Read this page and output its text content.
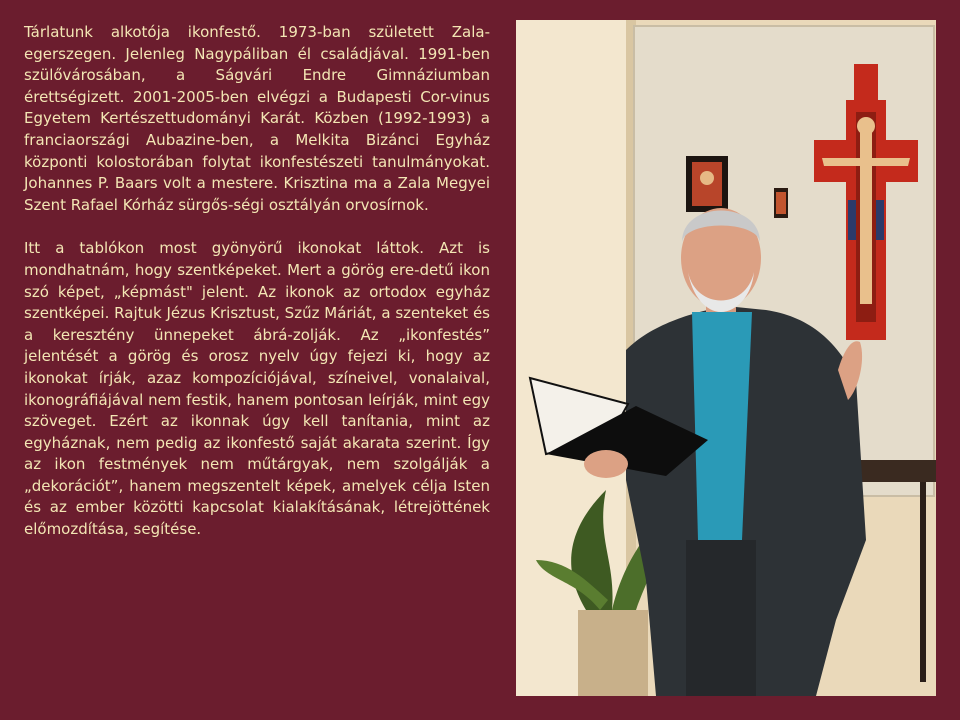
Tárlatunk alkotója ikonfestő. 1973-ban született Zala-egerszegen. Jelenleg Nagypáliban él családjával. 1991-ben szülővárosában, a Ságvári Endre Gimnáziumban érettségizett. 2001-2005-ben elvégzi a Budapesti Cor-vinus Egyetem Kertészettudományi Karát. Közben (1992-1993) a franciaországi Aubazine-ben, a Melkita Bizánci Egyház központi kolostorában folytat ikonfestészeti tanulmányokat. Johannes P. Baars volt a mestere. Krisztina ma a Zala Megyei Szent Rafael Kórház sürgős-ségi osztályán orvosírnok.

Itt a tablókon most gyönyörű ikonokat láttok. Azt is mondhatnám, hogy szentképeket. Mert a görög ere-detű ikon szó képet, „képmást" jelent. Az ikonok az ortodox egyház szentképei. Rajtuk Jézus Krisztust, Szűz Máriát, a szenteket és a keresztény ünnepeket ábrá-zolják. Az „ikonfestés” jelentését a görög és orosz nyelv úgy fejezi ki, hogy az ikonokat írják, azaz kompozíciójával, színeivel, vonalaival, ikonográfiájával nem festik, hanem pontosan leírják, mint egy szöveget. Ezért az ikonnak úgy kell tanítania, mint az egyháznak, nem pedig az ikonfestő saját akarata szerint. Így az ikon festmények nem műtárgyak, nem szolgálják a „dekorációt”, hanem megszentelt képek, amelyek célja Isten és az ember közötti kapcsolat kialakításának, létrejöttének előmozdítása, segítése.
